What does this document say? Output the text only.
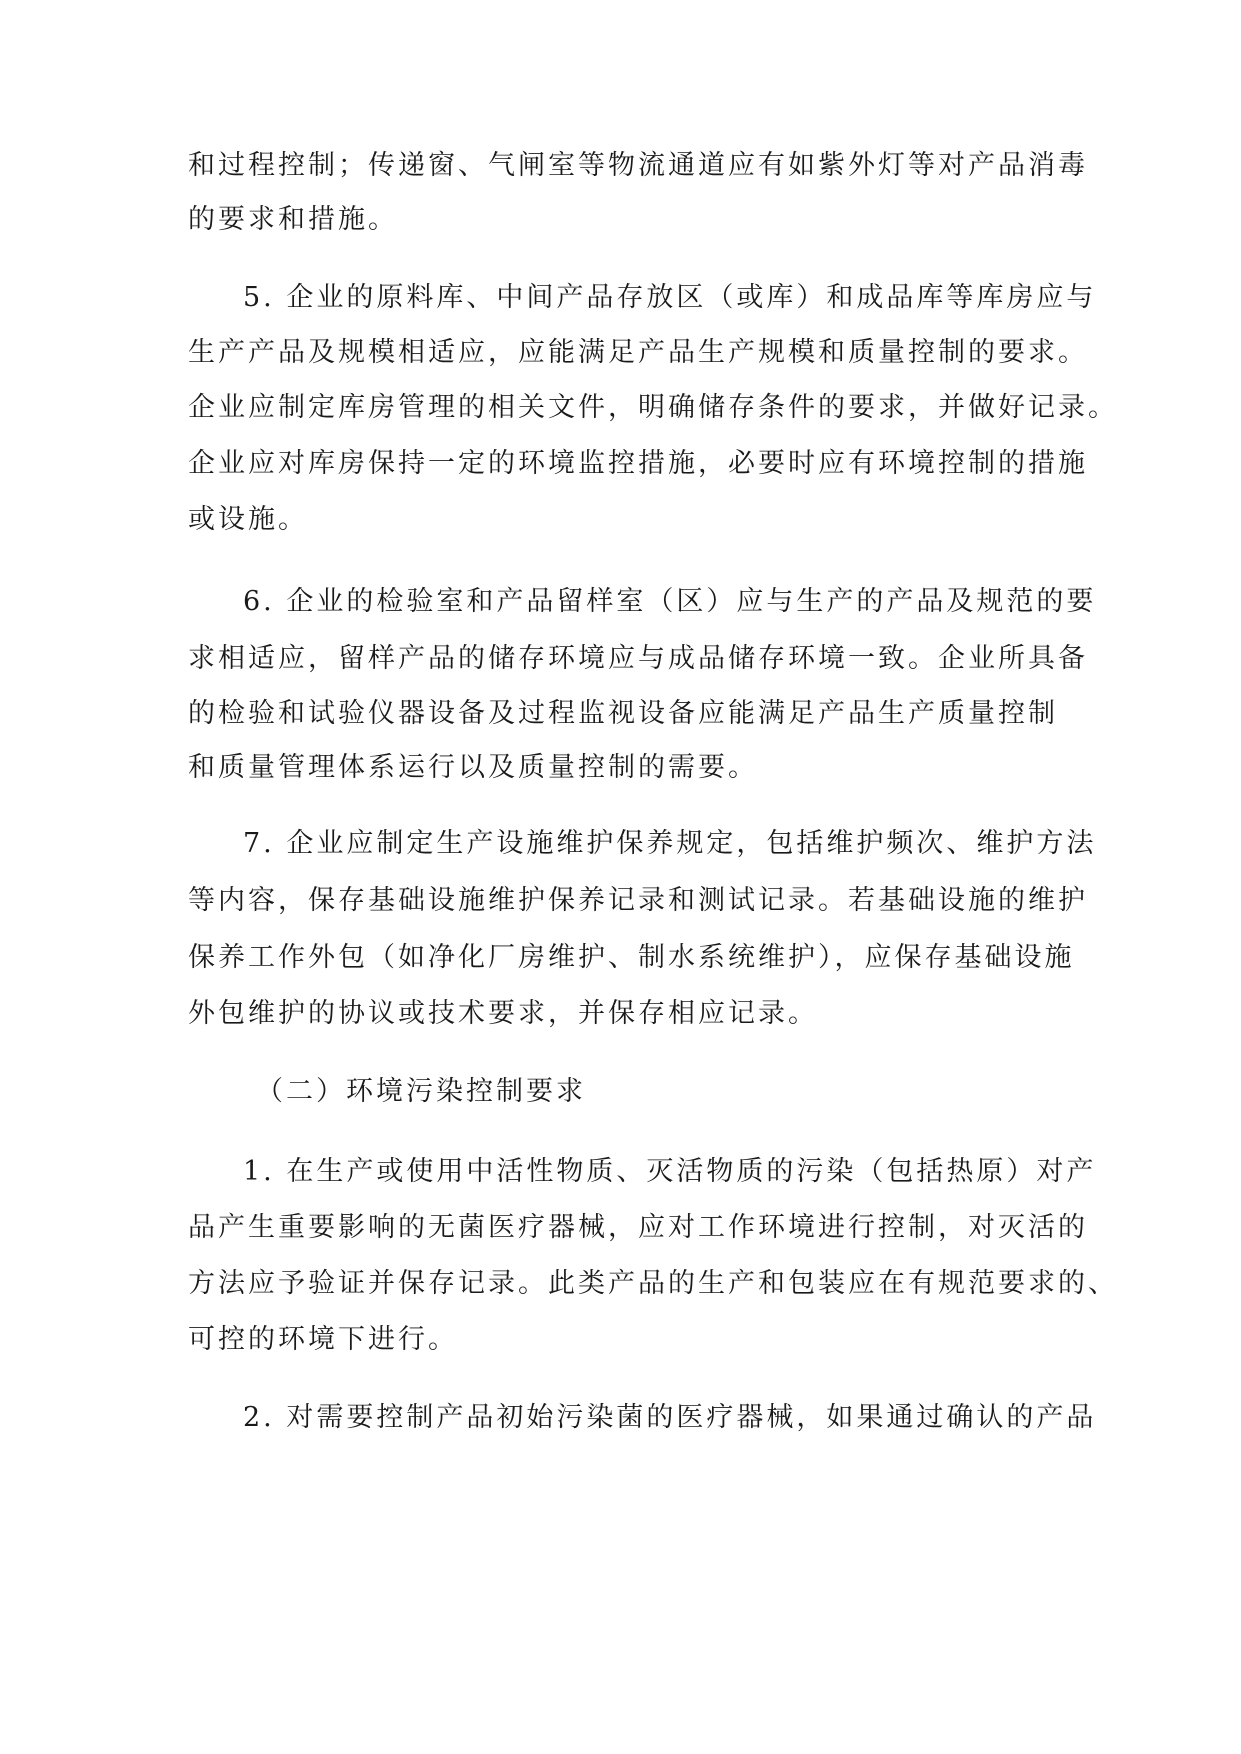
和过程控制；传递窗、气闸室等物流通道应有如紫外灯等对产品消毒
的要求和措施。
5. 企业的原料库、中间产品存放区（或库）和成品库等库房应与
生产产品及规模相适应，应能满足产品生产规模和质量控制的要求。
企业应制定库房管理的相关文件，明确储存条件的要求，并做好记录。
企业应对库房保持一定的环境监控措施，必要时应有环境控制的措施
或设施。
6. 企业的检验室和产品留样室（区）应与生产的产品及规范的要
求相适应，留样产品的储存环境应与成品储存环境一致。企业所具备
的检验和试验仪器设备及过程监视设备应能满足产品生产质量控制
和质量管理体系运行以及质量控制的需要。
7. 企业应制定生产设施维护保养规定，包括维护频次、维护方法
等内容，保存基础设施维护保养记录和测试记录。若基础设施的维护
保养工作外包（如净化厂房维护、制水系统维护），应保存基础设施
外包维护的协议或技术要求，并保存相应记录。
（二）环境污染控制要求
1. 在生产或使用中活性物质、灭活物质的污染（包括热原）对产
品产生重要影响的无菌医疗器械，应对工作环境进行控制，对灭活的
方法应予验证并保存记录。此类产品的生产和包装应在有规范要求的、
可控的环境下进行。
2. 对需要控制产品初始污染菌的医疗器械，如果通过确认的产品
